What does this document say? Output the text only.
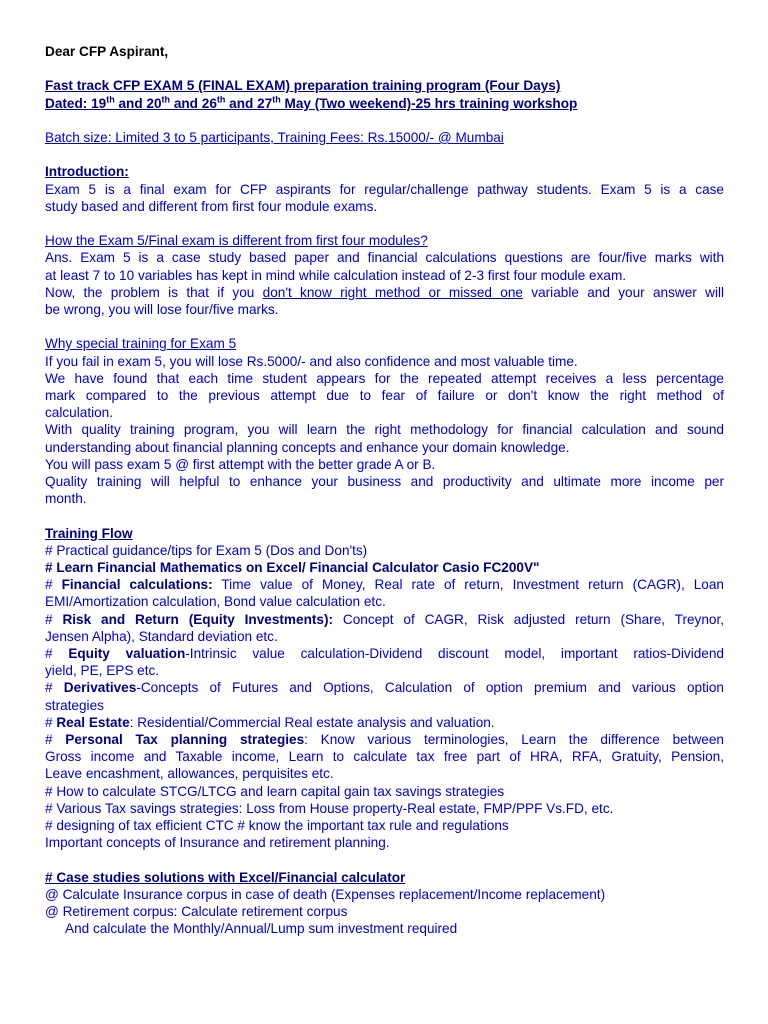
Dear CFP Aspirant,

Fast track CFP EXAM 5 (FINAL EXAM) preparation training program (Four Days)

Dated: 19th and 20th and 26th and 27th May (Two weekend)-25 hrs training workshop

Batch size: Limited 3 to 5 participants, Training Fees: Rs.15000/- @ Mumbai

Introduction:

Exam 5 is a final exam for CFP aspirants for regular/challenge pathway students. Exam 5 is a case

study based and different from first four module exams.

How the Exam 5/Final exam is different from first four modules?

Ans. Exam 5 is a case study based paper and financial calculations questions are four/five marks with

at least 7 to 10 variables has kept in mind while calculation instead of 2-3 first four module exam.

Now, the problem is that if you don't know right method or missed one variable and your answer will

be wrong, you will lose four/five marks.

Why special training for Exam 5

If you fail in exam 5, you will lose Rs.5000/- and also confidence and most valuable time.

We have found that each time student appears for the repeated attempt receives a less percentage

mark compared to the previous attempt due to fear of failure or don't know the right method of

calculation.

With quality training program, you will learn the right methodology for financial calculation and sound

understanding about financial planning concepts and enhance your domain knowledge.

You will pass exam 5 @ first attempt with the better grade A or B.

Quality training will helpful to enhance your business and productivity and ultimate more income per

month.

Training Flow

# Practical guidance/tips for Exam 5 (Dos and Don'ts)

# Learn Financial Mathematics on Excel/ Financial Calculator Casio FC200V"

# Financial calculations: Time value of Money, Real rate of return, Investment return (CAGR), Loan

EMI/Amortization calculation, Bond value calculation etc.

# Risk and Return (Equity Investments): Concept of CAGR, Risk adjusted return (Share, Treynor,

Jensen Alpha), Standard deviation etc.

# Equity valuation-Intrinsic value calculation-Dividend discount model, important ratios-Dividend

yield, PE, EPS etc.

# Derivatives-Concepts of Futures and Options, Calculation of option premium and various option

strategies

# Real Estate: Residential/Commercial Real estate analysis and valuation.

# Personal Tax planning strategies: Know various terminologies, Learn the difference between

Gross income and Taxable income, Learn to calculate tax free part of HRA, RFA, Gratuity, Pension,

Leave encashment, allowances, perquisites etc.

# How to calculate STCG/LTCG and learn capital gain tax savings strategies

# Various Tax savings strategies: Loss from House property-Real estate, FMP/PPF Vs.FD, etc.

# designing of tax efficient CTC # know the important tax rule and regulations

Important concepts of Insurance and retirement planning.

# Case studies solutions with Excel/Financial calculator

@ Calculate Insurance corpus in case of death (Expenses replacement/Income replacement)

@ Retirement corpus: Calculate retirement corpus

And calculate the Monthly/Annual/Lump sum investment required
